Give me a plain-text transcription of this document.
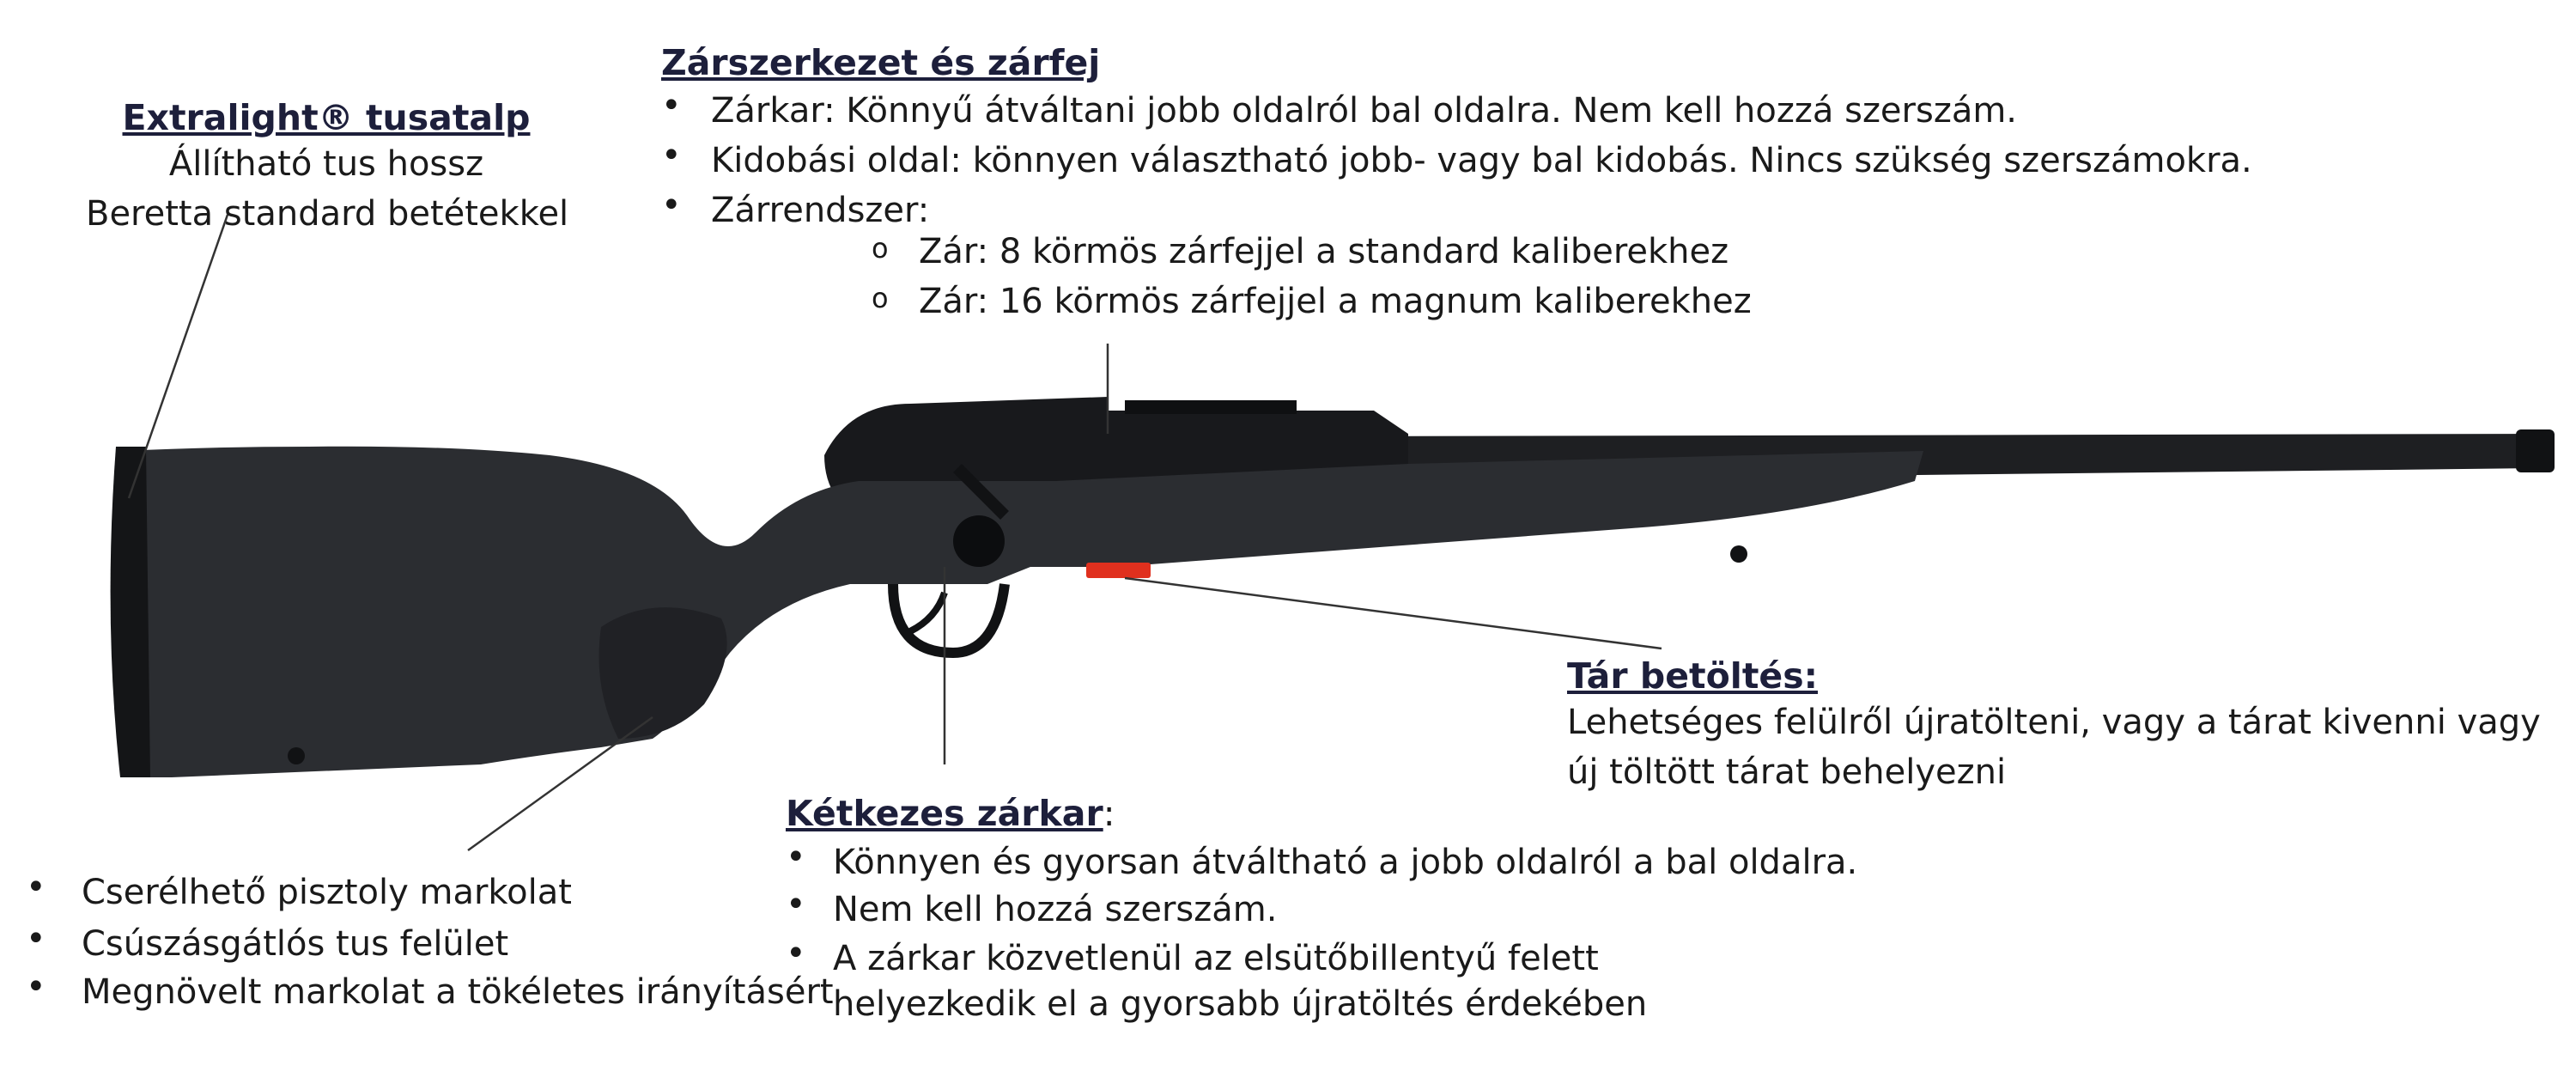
Extralight® tusatalp
Állítható tus hossz
Beretta standard betétekkel
Zárszerkezet és zárfej
• Zárkar: Könnyű átváltani jobb oldalról bal oldalra. Nem kell hozzá szerszám.
• Kidobási oldal: könnyen választható jobb- vagy bal kidobás. Nincs szükség szerszámokra.
• Zárrendszer:
o Zár: 8 körmös zárfejjel a standard kaliberekhez
o Zár: 16 körmös zárfejjel a magnum kaliberekhez
Tár betöltés:
Lehetséges felülről újratölteni, vagy a tárat kivenni vagy
új töltött tárat behelyezni
Kétkezes zárkar:
• Könnyen és gyorsan átváltható a jobb oldalról a bal oldalra.
• Nem kell hozzá szerszám.
• A zárkar közvetlenül az elsütőbillentyű felett
helyezkedik el a gyorsabb újratöltés érdekében
• Cserélhető pisztoly markolat
• Csúszásgátlós tus felület
• Megnövelt markolat a tökéletes irányításért
